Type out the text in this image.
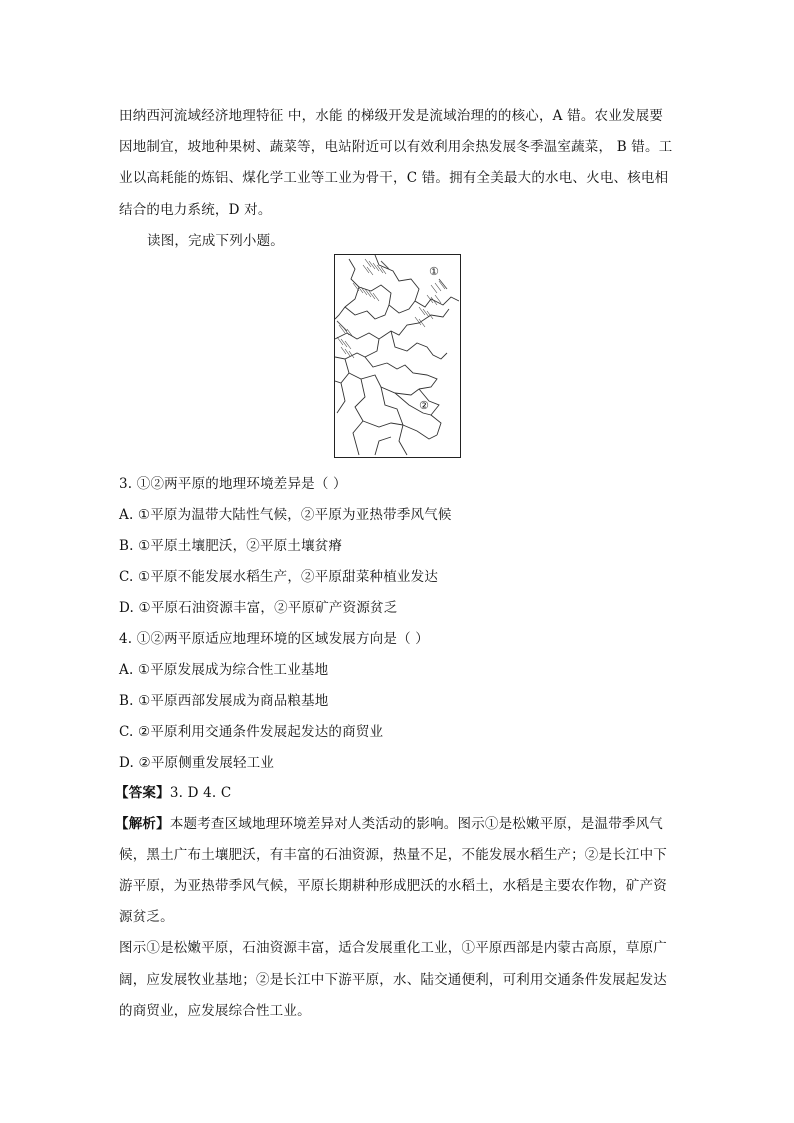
田纳西河流域经济地理特征 中，水能 的梯级开发是流域治理的的核心，A 错。农业发展要
因地制宜，坡地种果树、蔬菜等，电站附近可以有效利用余热发展冬季温室蔬菜， B 错。工
业以高耗能的炼铝、煤化学工业等工业为骨干，C 错。拥有全美最大的水电、火电、核电相
结合的电力系统，D 对。
读图，完成下列小题。
①
②
3. ①②两平原的地理环境差异是（ ）
A. ①平原为温带大陆性气候，②平原为亚热带季风气候
B. ①平原土壤肥沃，②平原土壤贫瘠
C. ①平原不能发展水稻生产，②平原甜菜种植业发达
D. ①平原石油资源丰富，②平原矿产资源贫乏
4. ①②两平原适应地理环境的区域发展方向是（ ）
A. ①平原发展成为综合性工业基地
B. ①平原西部发展成为商品粮基地
C. ②平原利用交通条件发展起发达的商贸业
D. ②平原侧重发展轻工业
【答案】3. D 4. C
【解析】本题考查区域地理环境差异对人类活动的影响。图示①是松嫩平原，是温带季风气
候，黑土广布土壤肥沃，有丰富的石油资源，热量不足，不能发展水稻生产；②是长江中下
游平原，为亚热带季风气候，平原长期耕种形成肥沃的水稻土，水稻是主要农作物，矿产资
源贫乏。
图示①是松嫩平原，石油资源丰富，适合发展重化工业，①平原西部是内蒙古高原，草原广
阔，应发展牧业基地；②是长江中下游平原，水、陆交通便利，可利用交通条件发展起发达
的商贸业，应发展综合性工业。
